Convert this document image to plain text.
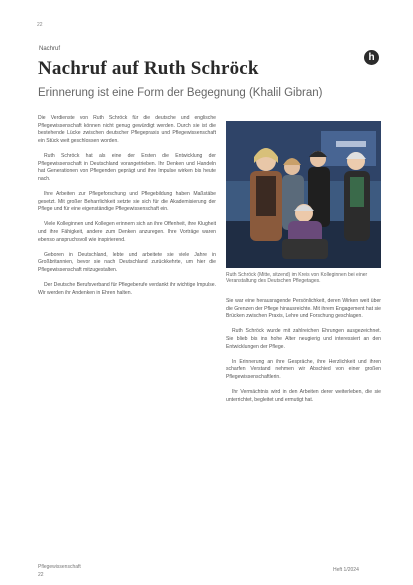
22
Nachruf
Nachruf auf Ruth Schröck
Erinnerung ist eine Form der Begegnung (Khalil Gibran)
h

Die Verdienste von Ruth Schröck für die deutsche und englische Pflegewissenschaft können nicht genug gewürdigt werden. Durch sie ist die bestehende Lücke zwischen deutscher Pflegepraxis und Pflegewissenschaft ein Stück weit geschlossen worden.

Ruth Schröck hat als eine der Ersten die Entwicklung der Pflegewissenschaft in Deutschland vorangetrieben. Ihr Denken und Handeln hat Generationen von Pflegenden geprägt und ihre Impulse wirken bis heute nach.

Ihre Arbeiten zur Pflegeforschung und Pflegebildung haben Maßstäbe gesetzt. Mit großer Beharrlichkeit setzte sie sich für die Akademisierung der Pflege und für eine eigenständige Pflegewissenschaft ein.

Viele Kolleginnen und Kollegen erinnern sich an ihre Offenheit, ihre Klugheit und ihre Fähigkeit, andere zum Denken anzuregen. Ihre Vorträge waren ebenso anspruchsvoll wie inspirierend.

Geboren in Deutschland, lebte und arbeitete sie viele Jahre in Großbritannien, bevor sie nach Deutschland zurückkehrte, um hier die Pflegewissenschaft mitzugestalten.

Der Deutsche Berufsverband für Pflegeberufe verdankt ihr wichtige Impulse. Wir werden ihr Andenken in Ehren halten.

Ruth Schröck (Mitte, sitzend) im Kreis von Kolleginnen bei einer Veranstaltung des Deutschen Pflegetages.

Sie war eine herausragende Persönlichkeit, deren Wirken weit über die Grenzen der Pflege hinausreichte. Mit ihrem Engagement hat sie Brücken zwischen Praxis, Lehre und Forschung geschlagen.

Ruth Schröck wurde mit zahlreichen Ehrungen ausgezeichnet. Sie blieb bis ins hohe Alter neugierig und interessiert an den Entwicklungen der Pflege.

In Erinnerung an ihre Gespräche, ihre Herzlichkeit und ihren scharfen Verstand nehmen wir Abschied von einer großen Pflegewissenschaftlerin.

Ihr Vermächtnis wird in den Arbeiten derer weiterleben, die sie unterrichtet, begleitet und ermutigt hat.

Pflegewissenschaft
22
Heft 1/2024
